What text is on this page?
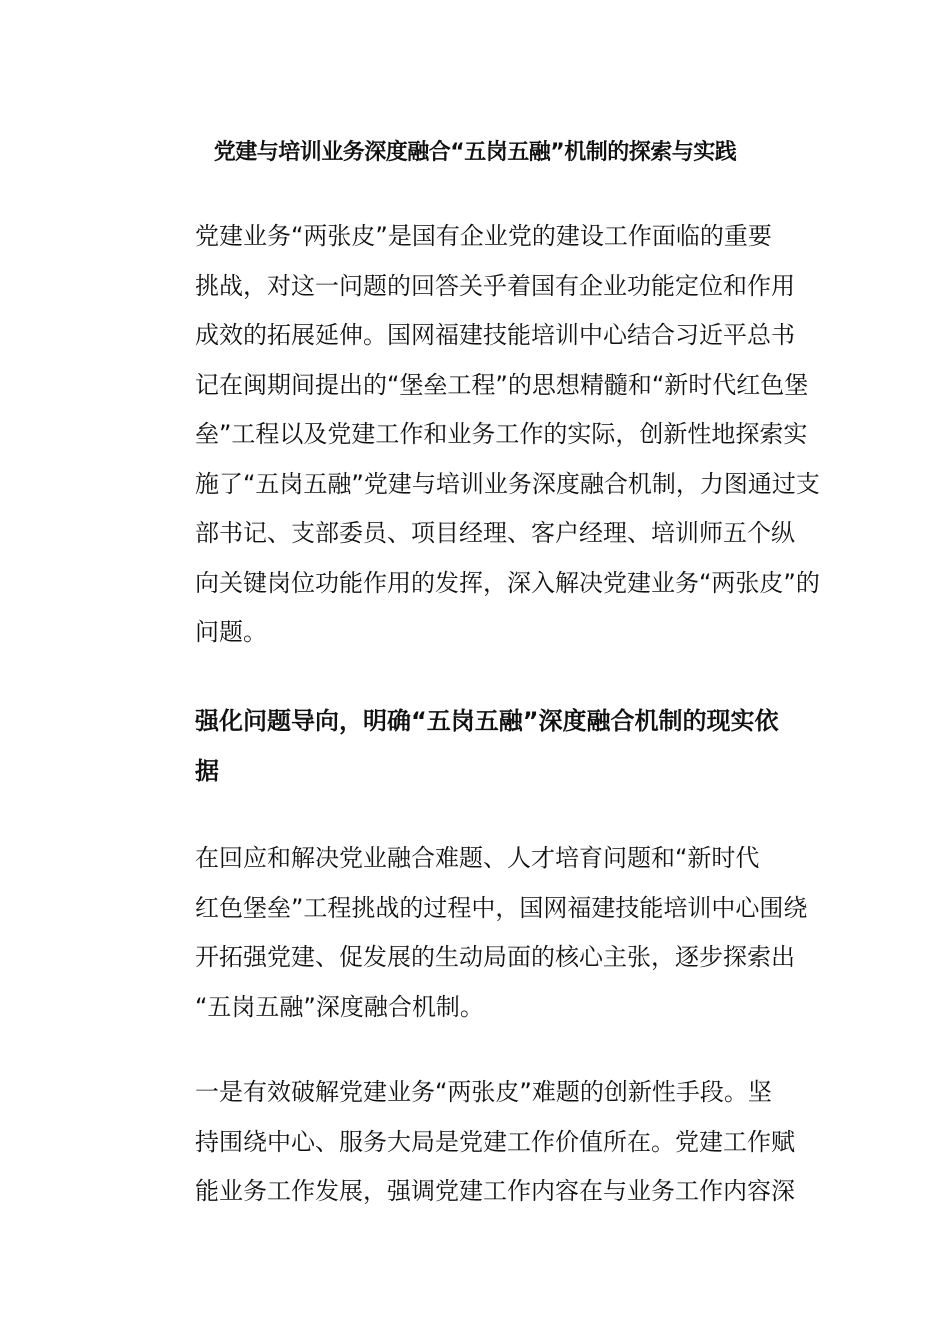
党建与培训业务深度融合“五岗五融”机制的探索与实践

党建业务“两张皮”是国有企业党的建设工作面临的重要
挑战，对这一问题的回答关乎着国有企业功能定位和作用
成效的拓展延伸。国网福建技能培训中心结合习近平总书
记在闽期间提出的“堡垒工程”的思想精髓和“新时代红色堡
垒”工程以及党建工作和业务工作的实际，创新性地探索实
施了“五岗五融”党建与培训业务深度融合机制，力图通过支
部书记、支部委员、项目经理、客户经理、培训师五个纵
向关键岗位功能作用的发挥，深入解决党建业务“两张皮”的
问题。

强化问题导向，明确“五岗五融”深度融合机制的现实依
据

在回应和解决党业融合难题、人才培育问题和“新时代
红色堡垒”工程挑战的过程中，国网福建技能培训中心围绕
开拓强党建、促发展的生动局面的核心主张，逐步探索出
“五岗五融”深度融合机制。

一是有效破解党建业务“两张皮”难题的创新性手段。坚
持围绕中心、服务大局是党建工作价值所在。党建工作赋
能业务工作发展，强调党建工作内容在与业务工作内容深
